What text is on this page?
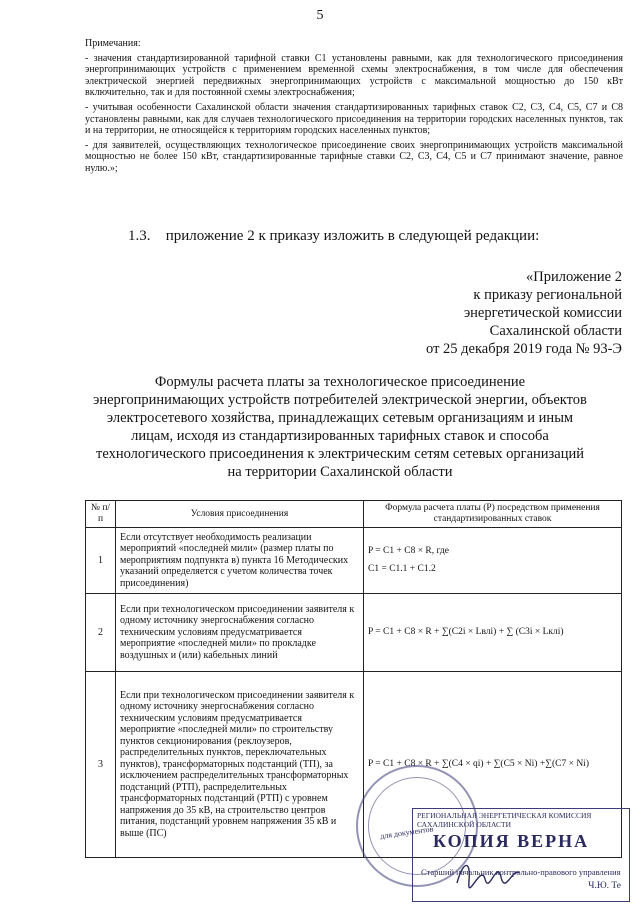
5

Примечания:

- значения стандартизированной тарифной ставки С1 установлены равными, как для технологического присоединения энергопринимающих устройств с применением временной схемы электроснабжения, в том числе для обеспечения электрической энергией передвижных энергопринимающих устройств с максимальной мощностью до 150 кВт включительно, так и для постоянной схемы электроснабжения;

- учитывая особенности Сахалинской области значения стандартизированных тарифных ставок С2, С3, С4, С5, С7 и С8 установлены равными, как для случаев технологического присоединения на территории городских населенных пунктов, так и на территории, не относящейся к территориям городских населенных пунктов;

- для заявителей, осуществляющих технологическое присоединение своих энергопринимающих устройств максимальной мощностью не более 150 кВт, стандартизированные тарифные ставки С2, С3, С4, С5 и С7 принимают значение, равное нулю.»;

1.3. приложение 2 к приказу изложить в следующей редакции:
«Приложение 2
к приказу региональной
энергетической комиссии
Сахалинской области
от 25 декабря 2019 года № 93-Э
Формулы расчета платы за технологическое присоединение
энергопринимающих устройств потребителей электрической энергии, объектов
электросетевого хозяйства, принадлежащих сетевым организациям и иным
лицам, исходя из стандартизированных тарифных ставок и способа
технологического присоединения к электрическим сетям сетевых организаций
на территории Сахалинской области
№ п/п	Условия присоединения	Формула расчета платы (Р) посредством применения стандартизированных ставок
1	Если отсутствует необходимость реализации мероприятий «последней мили» (размер платы по мероприятиям подпункта в) пункта 16 Методических указаний определяется с учетом количества точек присоединения)	P = C1 + C8 × R, где
C1 = C1.1 + C1.2

2	Если при технологическом присоединении заявителя к одному источнику энергоснабжения согласно техническим условиям предусматривается мероприятие «последней мили» по прокладке воздушных и (или) кабельных линий	P = C1 + C8 × R + ∑(C2i × Lвлi) + ∑ (C3i × Lклi)
3	Если при технологическом присоединении заявителя к одному источнику энергоснабжения согласно техническим условиям предусматривается мероприятие «последней мили» по строительству пунктов секционирования (реклоузеров, распределительных пунктов, переключательных пунктов), трансформаторных подстанций (ТП), за исключением распределительных трансформаторных подстанций (РТП), распределительных трансформаторных подстанций (РТП) с уровнем напряжения до 35 кВ, на строительство центров питания, подстанций уровнем напряжения 35 кВ и выше (ПС)	P = C1 + C8 × R + ∑(C4 × qi) + ∑(C5 × Ni) +∑(C7 × Ni)
для документов
РЕГИОНАЛЬНАЯ ЭНЕРГЕТИЧЕСКАЯ КОМИССИЯ САХАЛИНСКОЙ ОБЛАСТИ
КОПИЯ ВЕРНА
Старший начальник контрольно-правового управления
Ч.Ю. Те
